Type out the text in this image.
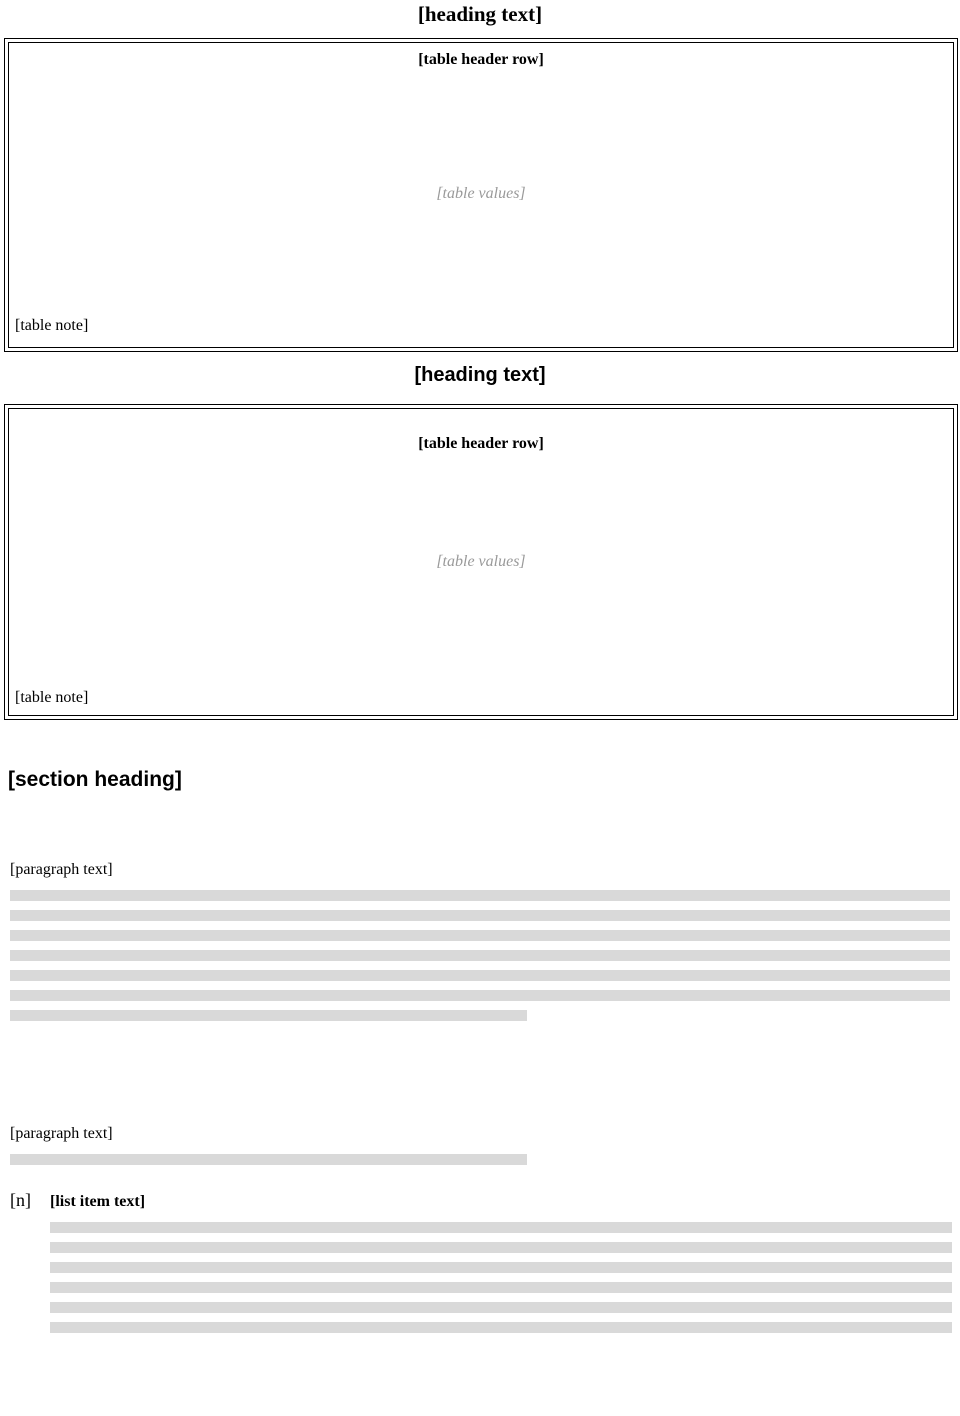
[heading text]
[table header row]
[table values]
[table note]
[heading text]
[table header row]
[table values]
[table note]
[section heading]
[paragraph text]
[paragraph text]
[n] [list item text]
